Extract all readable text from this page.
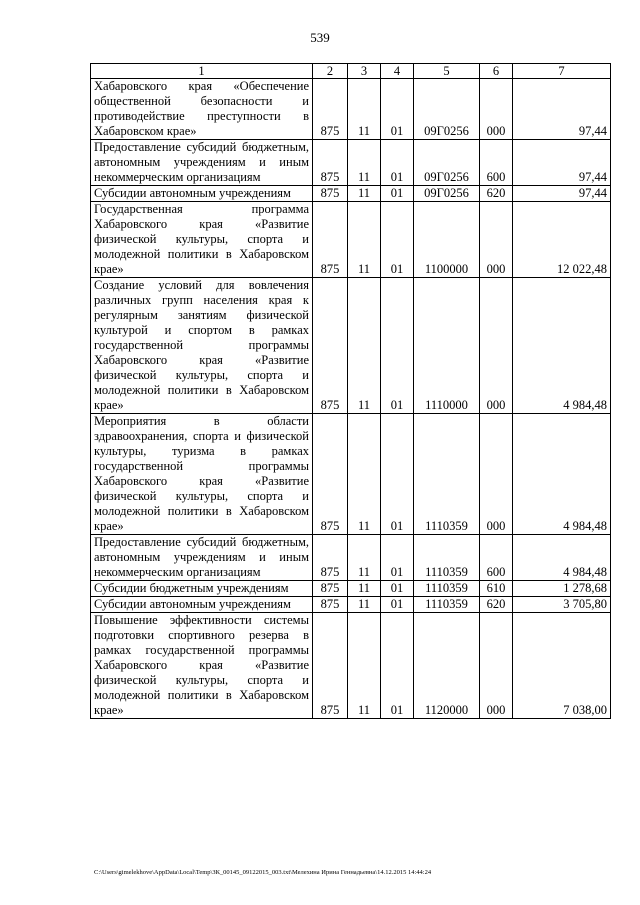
539
1	2	3	4	5	6	7
Хабаровского края «Обеспечение общественной безопасности и противодействие преступности в Хабаровском крае»	875	11	01	09Г0256	000	97,44
Предоставление субсидий бюджетным, автономным учреждениям и иным некоммерческим организациям	875	11	01	09Г0256	600	97,44
Субсидии автономным учреждениям	875	11	01	09Г0256	620	97,44
Государственная программа Хабаровского края «Развитие физической культуры, спорта и молодежной политики в Хабаровском крае»	875	11	01	1100000	000	12 022,48
Создание условий для вовлечения различных групп населения края к регулярным занятиям физической культурой и спортом в рамках государственной программы Хабаровского края «Развитие физической культуры, спорта и молодежной политики в Хабаровском крае»	875	11	01	1110000	000	4 984,48
Мероприятия в области здравоохранения, спорта и физической культуры, туризма в рамках государственной программы Хабаровского края «Развитие физической культуры, спорта и молодежной политики в Хабаровском крае»	875	11	01	1110359	000	4 984,48
Предоставление субсидий бюджетным, автономным учреждениям и иным некоммерческим организациям	875	11	01	1110359	600	4 984,48
Субсидии бюджетным учреждениям	875	11	01	1110359	610	1 278,68
Субсидии автономным учреждениям	875	11	01	1110359	620	3 705,80
Повышение эффективности системы подготовки спортивного резерва в рамках государственной программы Хабаровского края «Развитие физической культуры, спорта и молодежной политики в Хабаровском крае»	875	11	01	1120000	000	7 038,00
C:\Users\gimelekhove\AppData\Local\Temp\ЗК_00145_09122015_003.txt\Мелехина Ирина Геннадьевна\14.12.2015 14:44:24
